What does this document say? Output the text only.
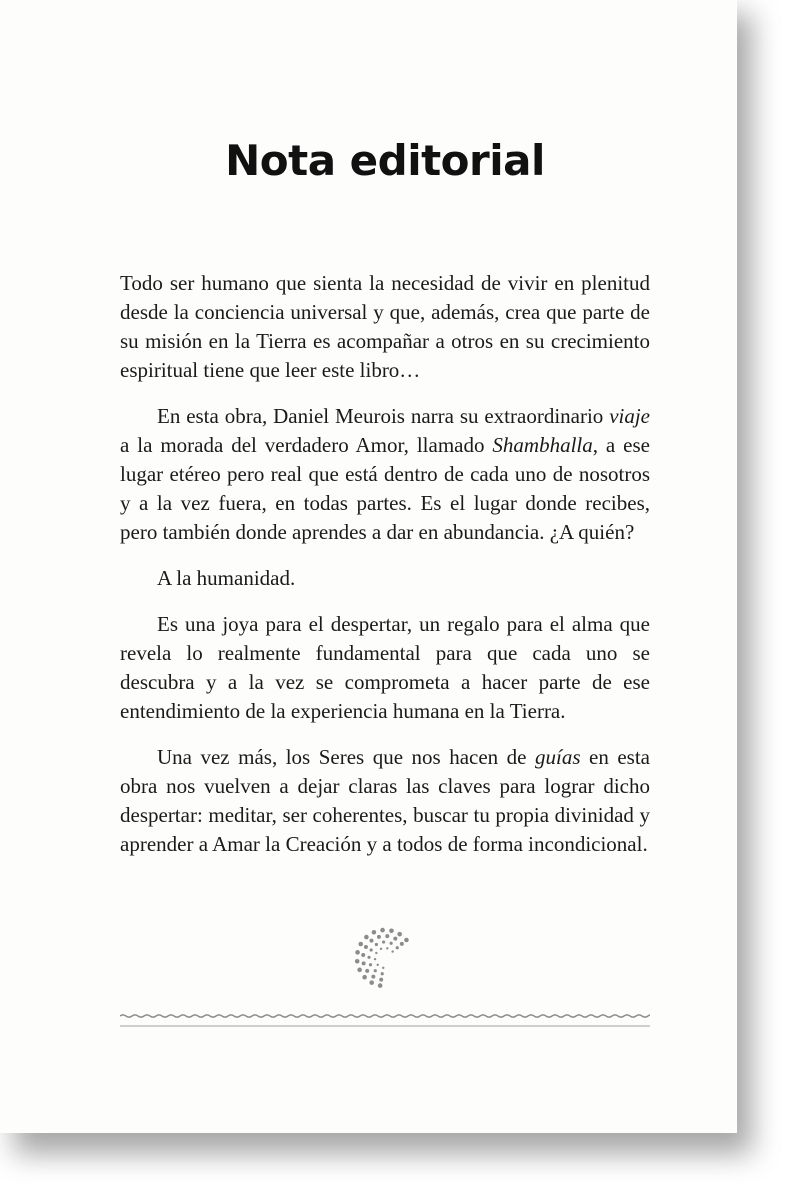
Nota editorial

Todo ser humano que sienta la necesidad de vivir en plenitud desde la conciencia universal y que, además, crea que parte de su misión en la Tierra es acompañar a otros en su crecimiento espiritual tiene que leer este libro…

En esta obra, Daniel Meurois narra su extraordinario viaje a la morada del verdadero Amor, llamado Shambhalla, a ese lugar etéreo pero real que está dentro de cada uno de nosotros y a la vez fuera, en todas partes. Es el lugar donde recibes, pero también donde aprendes a dar en abundancia. ¿A quién?

A la humanidad.

Es una joya para el despertar, un regalo para el alma que revela lo realmente fundamental para que cada uno se descubra y a la vez se comprometa a hacer parte de ese entendimiento de la experiencia humana en la Tierra.

Una vez más, los Seres que nos hacen de guías en esta obra nos vuelven a dejar claras las claves para lograr dicho despertar: meditar, ser coherentes, buscar tu propia divinidad y aprender a Amar la Creación y a todos de forma incondicional.
